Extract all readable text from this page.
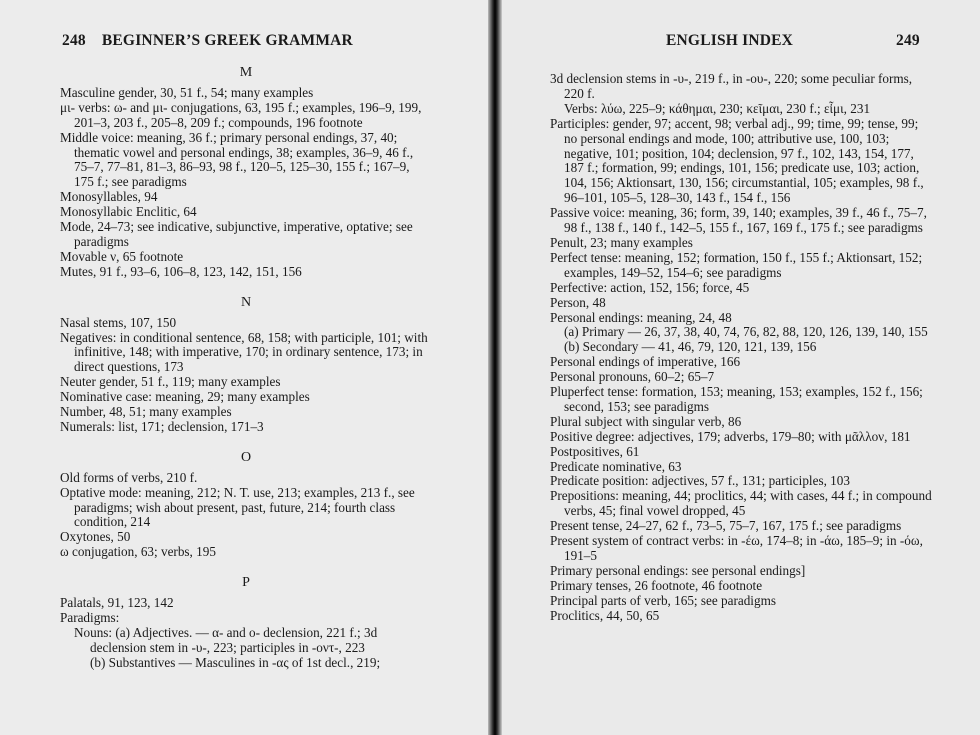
248 BEGINNER’S GREEK GRAMMAR
M

Masculine gender, 30, 51 f., 54; many examples

μι- verbs: ω- and μι- conjugations, 63, 195 f.; examples, 196–9, 199, 201–3, 203 f., 205–8, 209 f.; compounds, 196 footnote

Middle voice: meaning, 36 f.; primary personal endings, 37, 40; thematic vowel and personal endings, 38; examples, 36–9, 46 f., 75–7, 77–81, 81–3, 86–93, 98 f., 120–5, 125–30, 155 f.; 167–9, 175 f.; see paradigms

Monosyllables, 94

Monosyllabic Enclitic, 64

Mode, 24–73; see indicative, subjunctive, imperative, optative; see paradigms

Movable ν, 65 footnote

Mutes, 91 f., 93–6, 106–8, 123, 142, 151, 156

N

Nasal stems, 107, 150

Negatives: in conditional sentence, 68, 158; with participle, 101; with infinitive, 148; with imperative, 170; in ordinary sentence, 173; in direct questions, 173

Neuter gender, 51 f., 119; many examples

Nominative case: meaning, 29; many examples

Number, 48, 51; many examples

Numerals: list, 171; declension, 171–3

O

Old forms of verbs, 210 f.

Optative mode: meaning, 212; N. T. use, 213; examples, 213 f., see paradigms; wish about present, past, future, 214; fourth class condition, 214

Oxytones, 50

ω conjugation, 63; verbs, 195

P

Palatals, 91, 123, 142

Paradigms:

Nouns: (a) Adjectives. — α- and ο- declension, 221 f.; 3d declension stem in -υ-, 223; participles in -οντ-, 223

(b) Substantives — Masculines in -ας of 1st decl., 219;

ENGLISH INDEX	249

3d declension stems in -υ-, 219 f., in -ου-, 220; some peculiar forms, 220 f.

Verbs: λύω, 225–9; κάθημαι, 230; κεῖμαι, 230 f.; εἶμι, 231

Participles: gender, 97; accent, 98; verbal adj., 99; time, 99; tense, 99; no personal endings and mode, 100; attributive use, 100, 103; negative, 101; position, 104; declension, 97 f., 102, 143, 154, 177, 187 f.; formation, 99; endings, 101, 156; predicate use, 103; action, 104, 156; Aktionsart, 130, 156; circumstantial, 105; examples, 98 f., 96–101, 105–5, 128–30, 143 f., 154 f., 156

Passive voice: meaning, 36; form, 39, 140; examples, 39 f., 46 f., 75–7, 98 f., 138 f., 140 f., 142–5, 155 f., 167, 169 f., 175 f.; see paradigms

Penult, 23; many examples

Perfect tense: meaning, 152; formation, 150 f., 155 f.; Aktionsart, 152; examples, 149–52, 154–6; see paradigms

Perfective: action, 152, 156; force, 45

Person, 48

Personal endings: meaning, 24, 48

(a) Primary — 26, 37, 38, 40, 74, 76, 82, 88, 120, 126, 139, 140, 155

(b) Secondary — 41, 46, 79, 120, 121, 139, 156

Personal endings of imperative, 166

Personal pronouns, 60–2; 65–7

Pluperfect tense: formation, 153; meaning, 153; examples, 152 f., 156; second, 153; see paradigms

Plural subject with singular verb, 86

Positive degree: adjectives, 179; adverbs, 179–80; with μᾶλλον, 181

Postpositives, 61

Predicate nominative, 63

Predicate position: adjectives, 57 f., 131; participles, 103

Prepositions: meaning, 44; proclitics, 44; with cases, 44 f.; in compound verbs, 45; final vowel dropped, 45

Present tense, 24–27, 62 f., 73–5, 75–7, 167, 175 f.; see paradigms

Present system of contract verbs: in -έω, 174–8; in -άω, 185–9; in -όω, 191–5

Primary personal endings: see personal endings]

Primary tenses, 26 footnote, 46 footnote

Principal parts of verb, 165; see paradigms

Proclitics, 44, 50, 65
